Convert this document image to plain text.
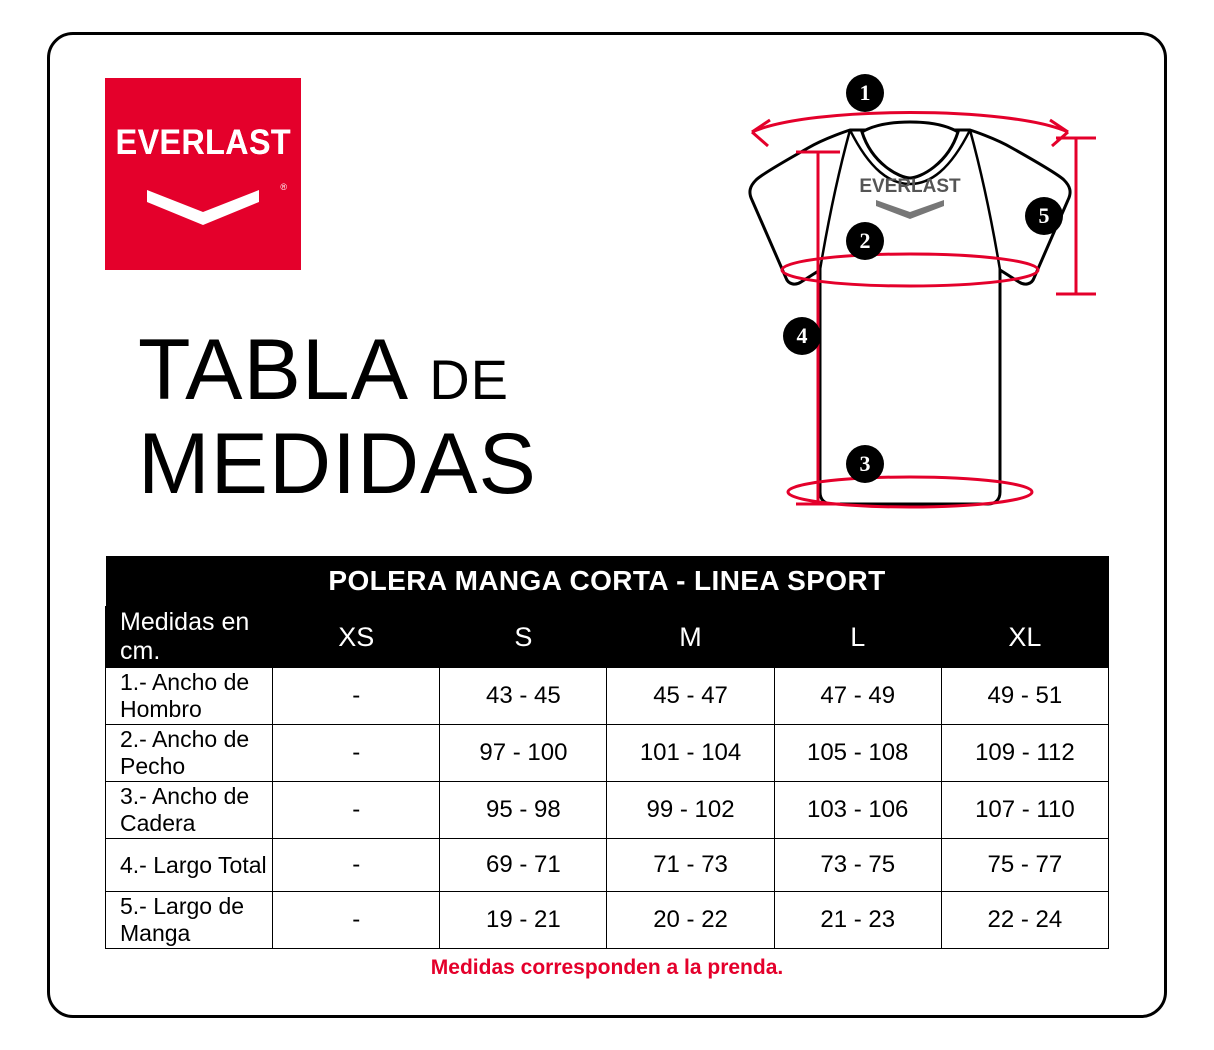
EVERLAST
®
TABLA DE
MEDIDAS
EVERLAST
1
2
3
4
5
POLERA MANGA CORTA - LINEA SPORT					
Medidas en cm.	XS	S	M	L	XL
1.- Ancho de Hombro	-	43 - 45	45 - 47	47 - 49	49 - 51
2.- Ancho de Pecho	-	97 - 100	101 - 104	105 - 108	109 - 112
3.- Ancho de Cadera	-	95 - 98	99 - 102	103 - 106	107 - 110
4.- Largo Total	-	69 - 71	71 - 73	73 - 75	75 - 77
5.- Largo de Manga	-	19 - 21	20 - 22	21 - 23	22 - 24
Medidas corresponden a la prenda.
